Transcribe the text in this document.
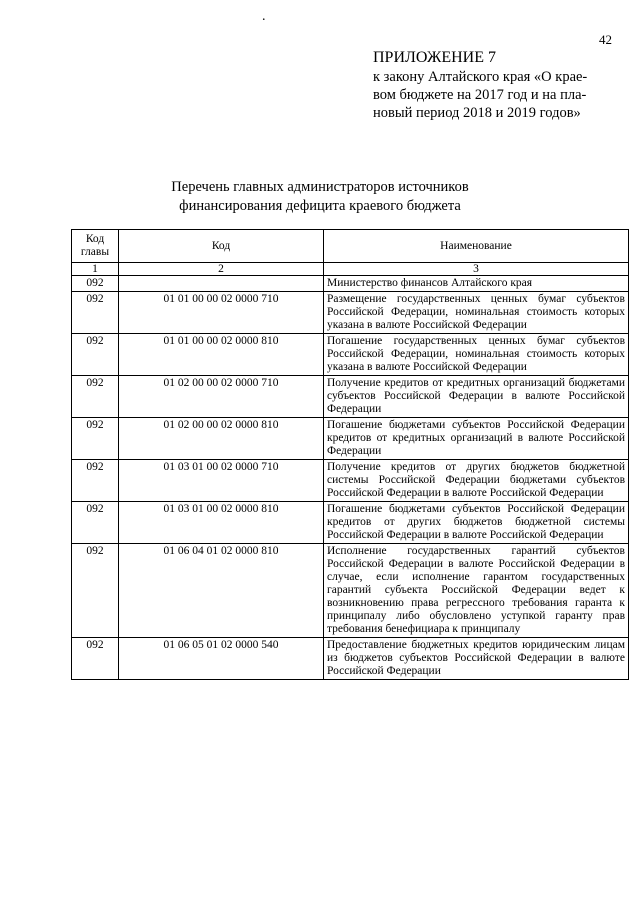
.
42
ПРИЛОЖЕНИЕ 7
к закону Алтайского края «О крае-
вом бюджете на 2017 год и на пла-
новый период 2018 и 2019 годов»
Перечень главных администраторов источников
финансирования дефицита краевого бюджета
Код главы	Код	Наименование
1	2	3
092		Министерство финансов Алтайского края
092	01 01 00 00 02 0000 710	Размещение государственных ценных бумаг субъектов Российской Федерации, номинальная стоимость которых указана в валюте Российской Федерации
092	01 01 00 00 02 0000 810	Погашение государственных ценных бумаг субъектов Российской Федерации, номинальная стоимость которых указана в валюте Российской Федерации
092	01 02 00 00 02 0000 710	Получение кредитов от кредитных организаций бюджетами субъектов Российской Федерации в валюте Российской Федерации
092	01 02 00 00 02 0000 810	Погашение бюджетами субъектов Российской Федерации кредитов от кредитных организаций в валюте Российской Федерации
092	01 03 01 00 02 0000 710	Получение кредитов от других бюджетов бюджетной системы Российской Федерации бюджетами субъектов Российской Федерации в валюте Российской Федерации
092	01 03 01 00 02 0000 810	Погашение бюджетами субъектов Российской Федерации кредитов от других бюджетов бюджетной системы Российской Федерации в валюте Российской Федерации
092	01 06 04 01 02 0000 810	Исполнение государственных гарантий субъектов Российской Федерации в валюте Российской Федерации в случае, если исполнение гарантом государственных гарантий субъекта Российской Федерации ведет к возникновению права регрессного требования гаранта к принципалу либо обусловлено уступкой гаранту прав требования бенефициара к принципалу
092	01 06 05 01 02 0000 540	Предоставление бюджетных кредитов юридическим лицам из бюджетов субъектов Российской Федерации в валюте Российской Федерации
